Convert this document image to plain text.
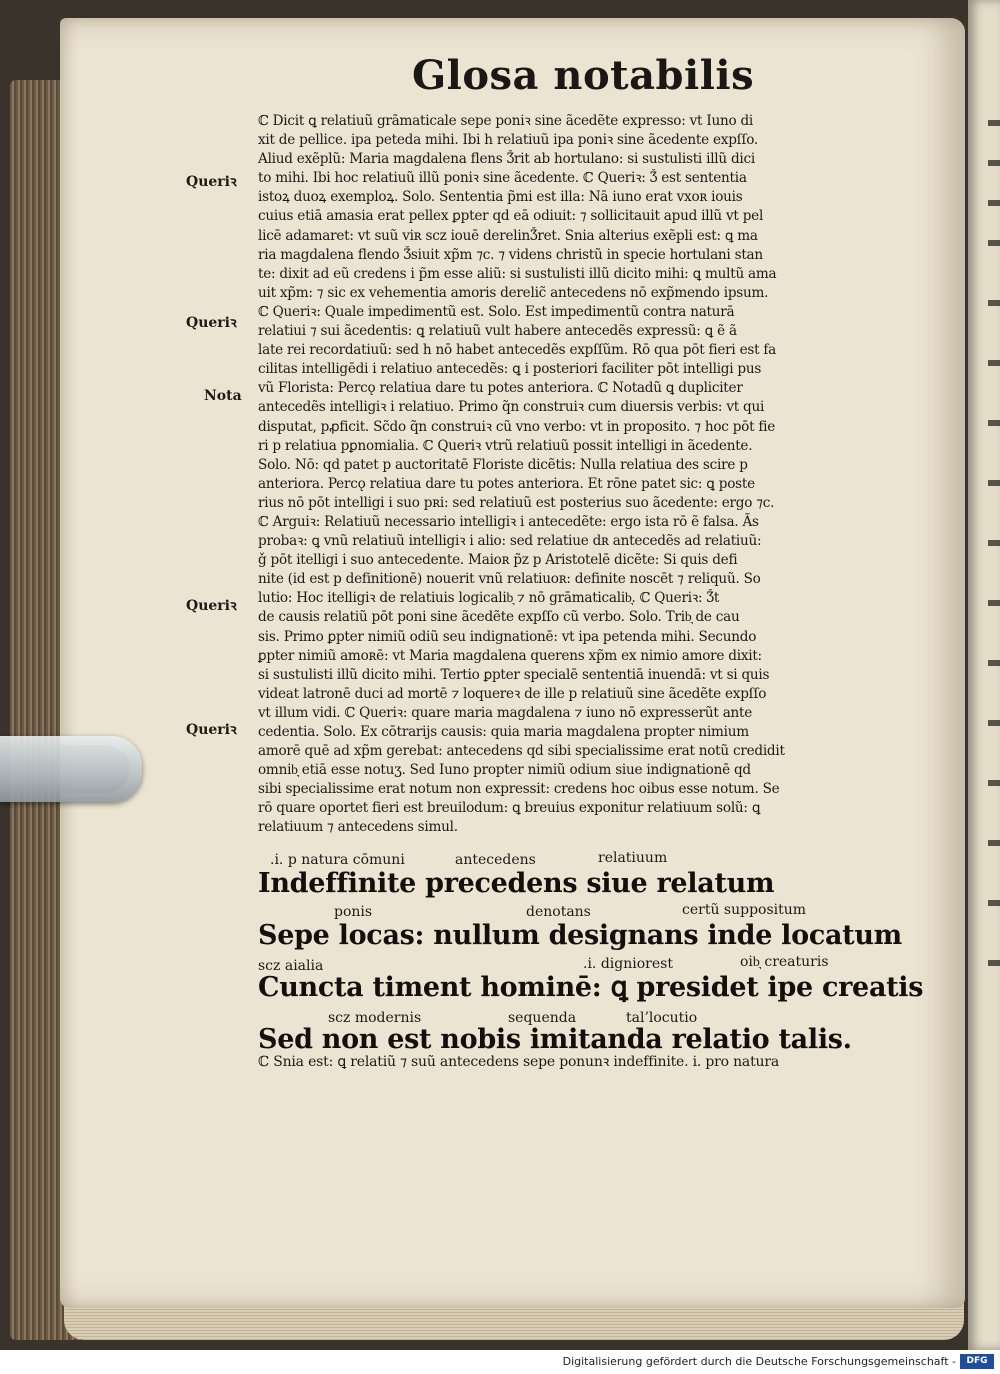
Glosa notabilis
ℂ Dicit ꝗ relatiuũ grāmaticale sepe poniꝛ sine ãcedẽte expresso: vt Iuno di
xit de pellice. ipa peteda mihi. Ibi h relatiuũ ipa poniꝛ sine ãcedente expſſo.
Aliud exẽplũ: Maria magdalena flens Ǯrit ab hortulano: si sustulisti illũ dici
to mihi. Ibi hoc relatiuũ illũ poniꝛ sine ãcedente. ℂ Queriꝛ: Ǯ est sententia
istoꝝ duoꝝ exemploꝝ. Solo. Sententia p̃mi est illa: Nā iuno erat vxoʀ iouis
cuius etiā amasia erat pellex ꝑpter qd eā odiuit: ⁊ sollicitauit apud illũ vt pel
licē adamaret: vt suũ viʀ scz iouē derelinǮret. Snia alterius exẽpli est: ꝗ ma
ria magdalena flendo Ǯsiuit xp̃m ⁊c. ⁊ videns christũ in specie hortulani stan
te: dixit ad eũ credens i p̃m esse aliũ: si sustulisti illũ dicito mihi: ꝗ multũ ama
uit xp̃m: ⁊ sic ex vehementia amoris derelic̃ antecedens nō exp̃mendo ipsum.
ℂ Queriꝛ: Quale impedimentũ est. Solo. Est impedimentũ contra naturā
relatiui ⁊ sui ãcedentis: ꝗ relatiuũ vult habere antecedẽs expressũ: ꝗ ẽ ã
late rei recordatiuũ: sed h nō habet antecedẽs expſſũm. Rō qua pōt fieri est fa
cilitas intelligēdi i relatiuo antecedẽs: ꝗ i posteriori faciliter pōt intelligi pus
vũ Florista: Percǫ relatiua dare tu potes anteriora. ℂ Notadũ ꝗ dupliciter
antecedẽs intelligiꝛ i relatiuo. Primo q̃n construiꝛ cum diuersis verbis: vt qui
disputat, pꝓficit. Sc̃do q̃n construiꝛ cũ vno verbo: vt in proposito. ⁊ hoc pōt fie
ri p relatiua pꝑnomialia. ℂ Queriꝛ vtrũ relatiuũ possit intelligi in ãcedente.
Solo. Nō: qd patet p auctoritatē Floriste dicẽtis: Nulla relatiua des scire p
anteriora. Percǫ relatiua dare tu potes anteriora. Et rōne patet sic: ꝗ poste
rius nō pōt intelligi i suo pʀi: sed relatiuũ est posterius suo ãcedente: ergo ⁊c.
ℂ Arguiꝛ: Relatiuũ necessario intelligiꝛ i antecedẽte: ergo ista rō ẽ falsa. Ãs
probaꝛ: ꝗ vnũ relatiuũ intelligiꝛ i alio: sed relatiue dʀ antecedẽs ad relatiuũ:
ǧ pōt itelligi i suo antecedente. Maioʀ p̃z p Aristotelē dicẽte: Si quis defi
nite (id est p definitionē) nouerit vnũ relatiuoʀ: definite noscēt ⁊ reliquũ. So
lutio: Hoc itelligiꝛ de relatiuis logicalib͉ ⁊ nō grāmaticalib͉. ℂ Queriꝛ: Ǯt
de causis relatiũ pōt poni sine ãcedẽte expſſo cũ verbo. Solo. Trib͉ de cau
sis. Primo ꝑpter nimiũ odiũ seu indignationē: vt ipa petenda mihi. Secundo
ꝑpter nimiũ amoʀē: vt Maria magdalena querens xp̃m ex nimio amore dixit:
si sustulisti illũ dicito mihi. Tertio ꝑpter specialē sententiā inuendā: vt si quis
videat latronē duci ad mortē ⁊ loquereꝛ de ille p relatiuũ sine ãcedẽte expſſo
vt illum vidi. ℂ Queriꝛ: quare maria magdalena ⁊ iuno nō expresserũt ante
cedentia. Solo. Ex cōtrarijs causis: quia maria magdalena propter nimium
amorē quē ad xp̃m gerebat: antecedens qd sibi specialissime erat notũ credidit
omnib͉ etiā esse notuʒ. Sed Iuno propter nimiũ odium siue indignationē qd
sibi specialissime erat notum non expressit: credens hoc oibus esse notum. Se
rō quare oportet fieri est breuilodum: ꝗ breuius exponitur relatiuum solũ: ꝗ
relatiuum ⁊ antecedens simul.
Queriꝛ
Queriꝛ
Nota
Queriꝛ
Queriꝛ
.i. p natura cōmuni	antecedens	relatiuum
Indeffinite precedens siue relatum
ponis	denotans	certũ suppositum
Sepe locas: nullum designans inde locatum
scz aialia	.i. digniorest	oib͉ creaturis
Cuncta timent hominē: ꝗ presidet ipe creatis
scz modernis	sequenda	tal’locutio
Sed non est nobis imitanda relatio talis.
ℂ Snia est: ꝗ relatiũ ⁊ suũ antecedens sepe ponunꝛ indeffinite. i. pro natura
Digitalisierung gefördert durch die Deutsche Forschungsgemeinschaft -	DFG
